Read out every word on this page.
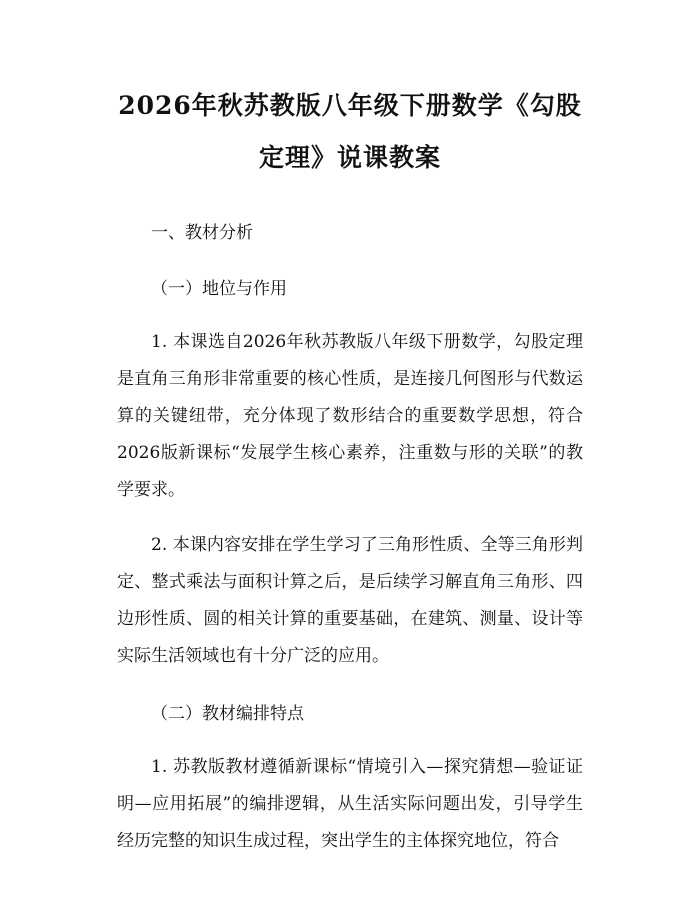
2026年秋苏教版八年级下册数学《勾股定理》说课教案

一、教材分析

（一）地位与作用

1. 本课选自2026年秋苏教版八年级下册数学，勾股定理是直角三角形非常重要的核心性质，是连接几何图形与代数运算的关键纽带，充分体现了数形结合的重要数学思想，符合2026版新课标“发展学生核心素养，注重数与形的关联”的教学要求。

2. 本课内容安排在学生学习了三角形性质、全等三角形判定、整式乘法与面积计算之后，是后续学习解直角三角形、四边形性质、圆的相关计算的重要基础，在建筑、测量、设计等实际生活领域也有十分广泛的应用。

（二）教材编排特点

1. 苏教版教材遵循新课标“情境引入—探究猜想—验证证明—应用拓展”的编排逻辑，从生活实际问题出发，引导学生经历完整的知识生成过程，突出学生的主体探究地位，符合
